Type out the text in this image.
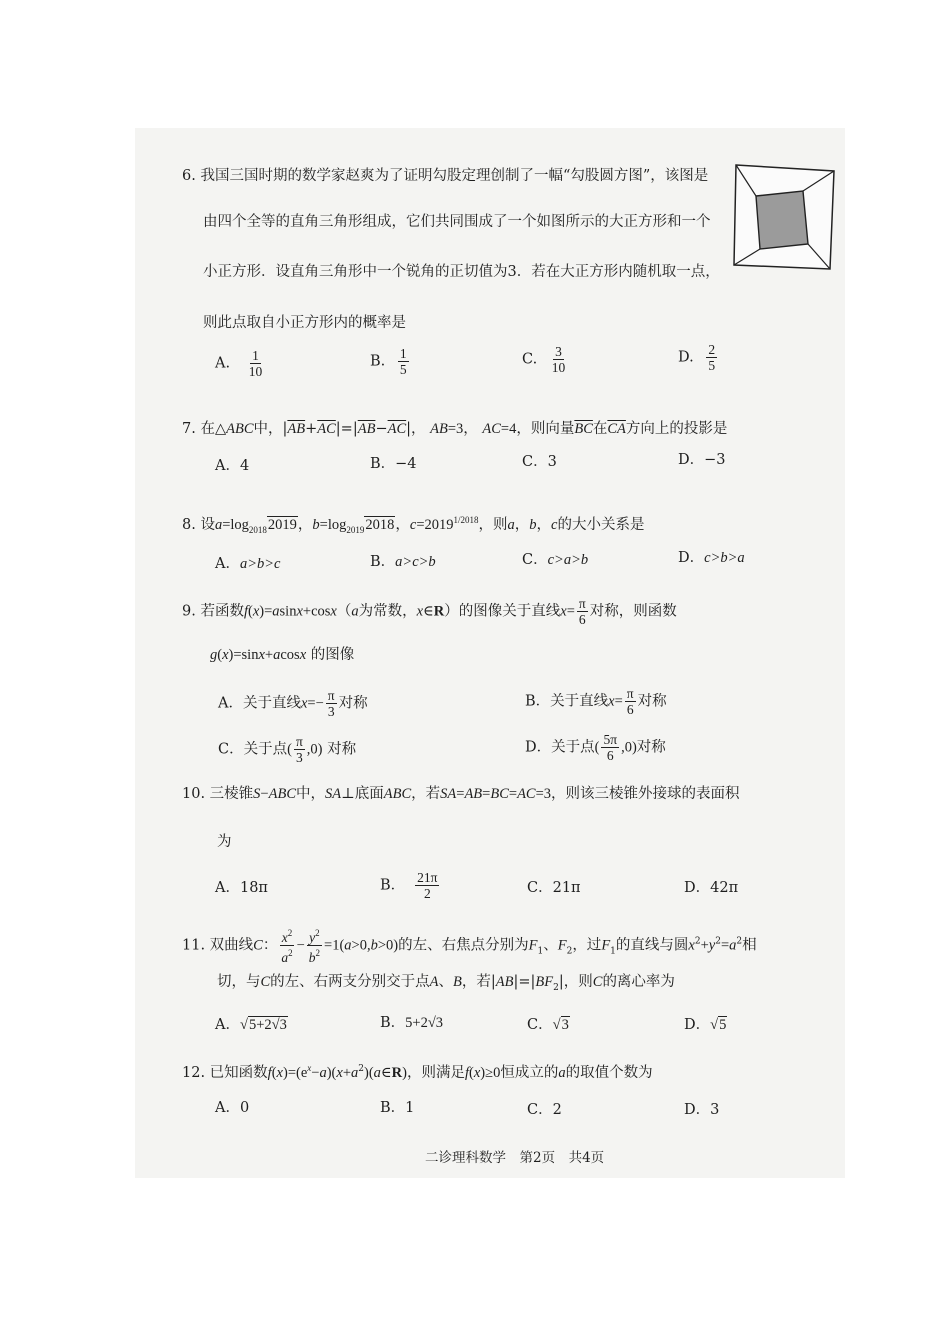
6. 我国三国时期的数学家赵爽为了证明勾股定理创制了一幅“勾股圆方图”，该图是
由四个全等的直角三角形组成，它们共同围成了一个如图所示的大正方形和一个
小正方形．设直角三角形中一个锐角的正切值为3．若在大正方形内随机取一点，
则此点取自小正方形内的概率是
A. $\frac{1}{10}$	B. $\frac{1}{5}$	C. $\frac{3}{10}$	D. $\frac{2}{5}$
7. 在△ABC中，$|\overline{AB}+\overline{AC}|=|\overline{AB}-\overline{AC}|$， AB=3， AC=4，则向量$\overline{BC}$在$\overline{CA}$方向上的投影是
A．4	B．−4	C．3	D．−3
8. 设$a=\log_{2018}2019$，$b=\log_{2019}2018$，$c=2019^{1/2018}$，则a，b，c的大小关系是
A．a>b>c	B．a>c>b	C．c>a>b	D．c>b>a
9. 若函数f(x)=asinx+cosx（a为常数，x∈R）的图像关于直线$x= \frac{\pi}{6}$ 对称，则函数
g(x)=sinx+acosx 的图像
A．关于直线$x=- \frac{\pi}{3}$ 对称	B．关于直线$x= \frac{\pi}{6}$ 对称
C．关于点( $\frac{\pi}{3} ,0$) 对称	D．关于点( $\frac{5\pi}{6} ,0$)对称
10. 三棱锥S−ABC中，SA⊥底面ABC，若SA=AB=BC=AC=3，则该三棱锥外接球的表面积
为
A．18π	B． $\frac{21\pi}{2}$	C．21π	D．42π
11. 双曲线C： $\frac{x^2}{a^2} - \frac{y^2}{b^2} =1(a>0,b>0)$的左、右焦点分别为$F_1$、$F_2$，过$F_1$的直线与圆$x^2+y^2=a^2$相
切，与C的左、右两支分别交于点A、B，若$|AB|=|BF_2|$，则C的离心率为
A．√5+2√3	B．5+2√3	C．√3	D．√5
12. 已知函数$f(x)=(e^x-a)(x+a^2)(a\in R)$，则满足f(x)≥0恒成立的a的取值个数为
A．0	B．1	C．2	D．3
二诊理科数学　第2页　共4页
